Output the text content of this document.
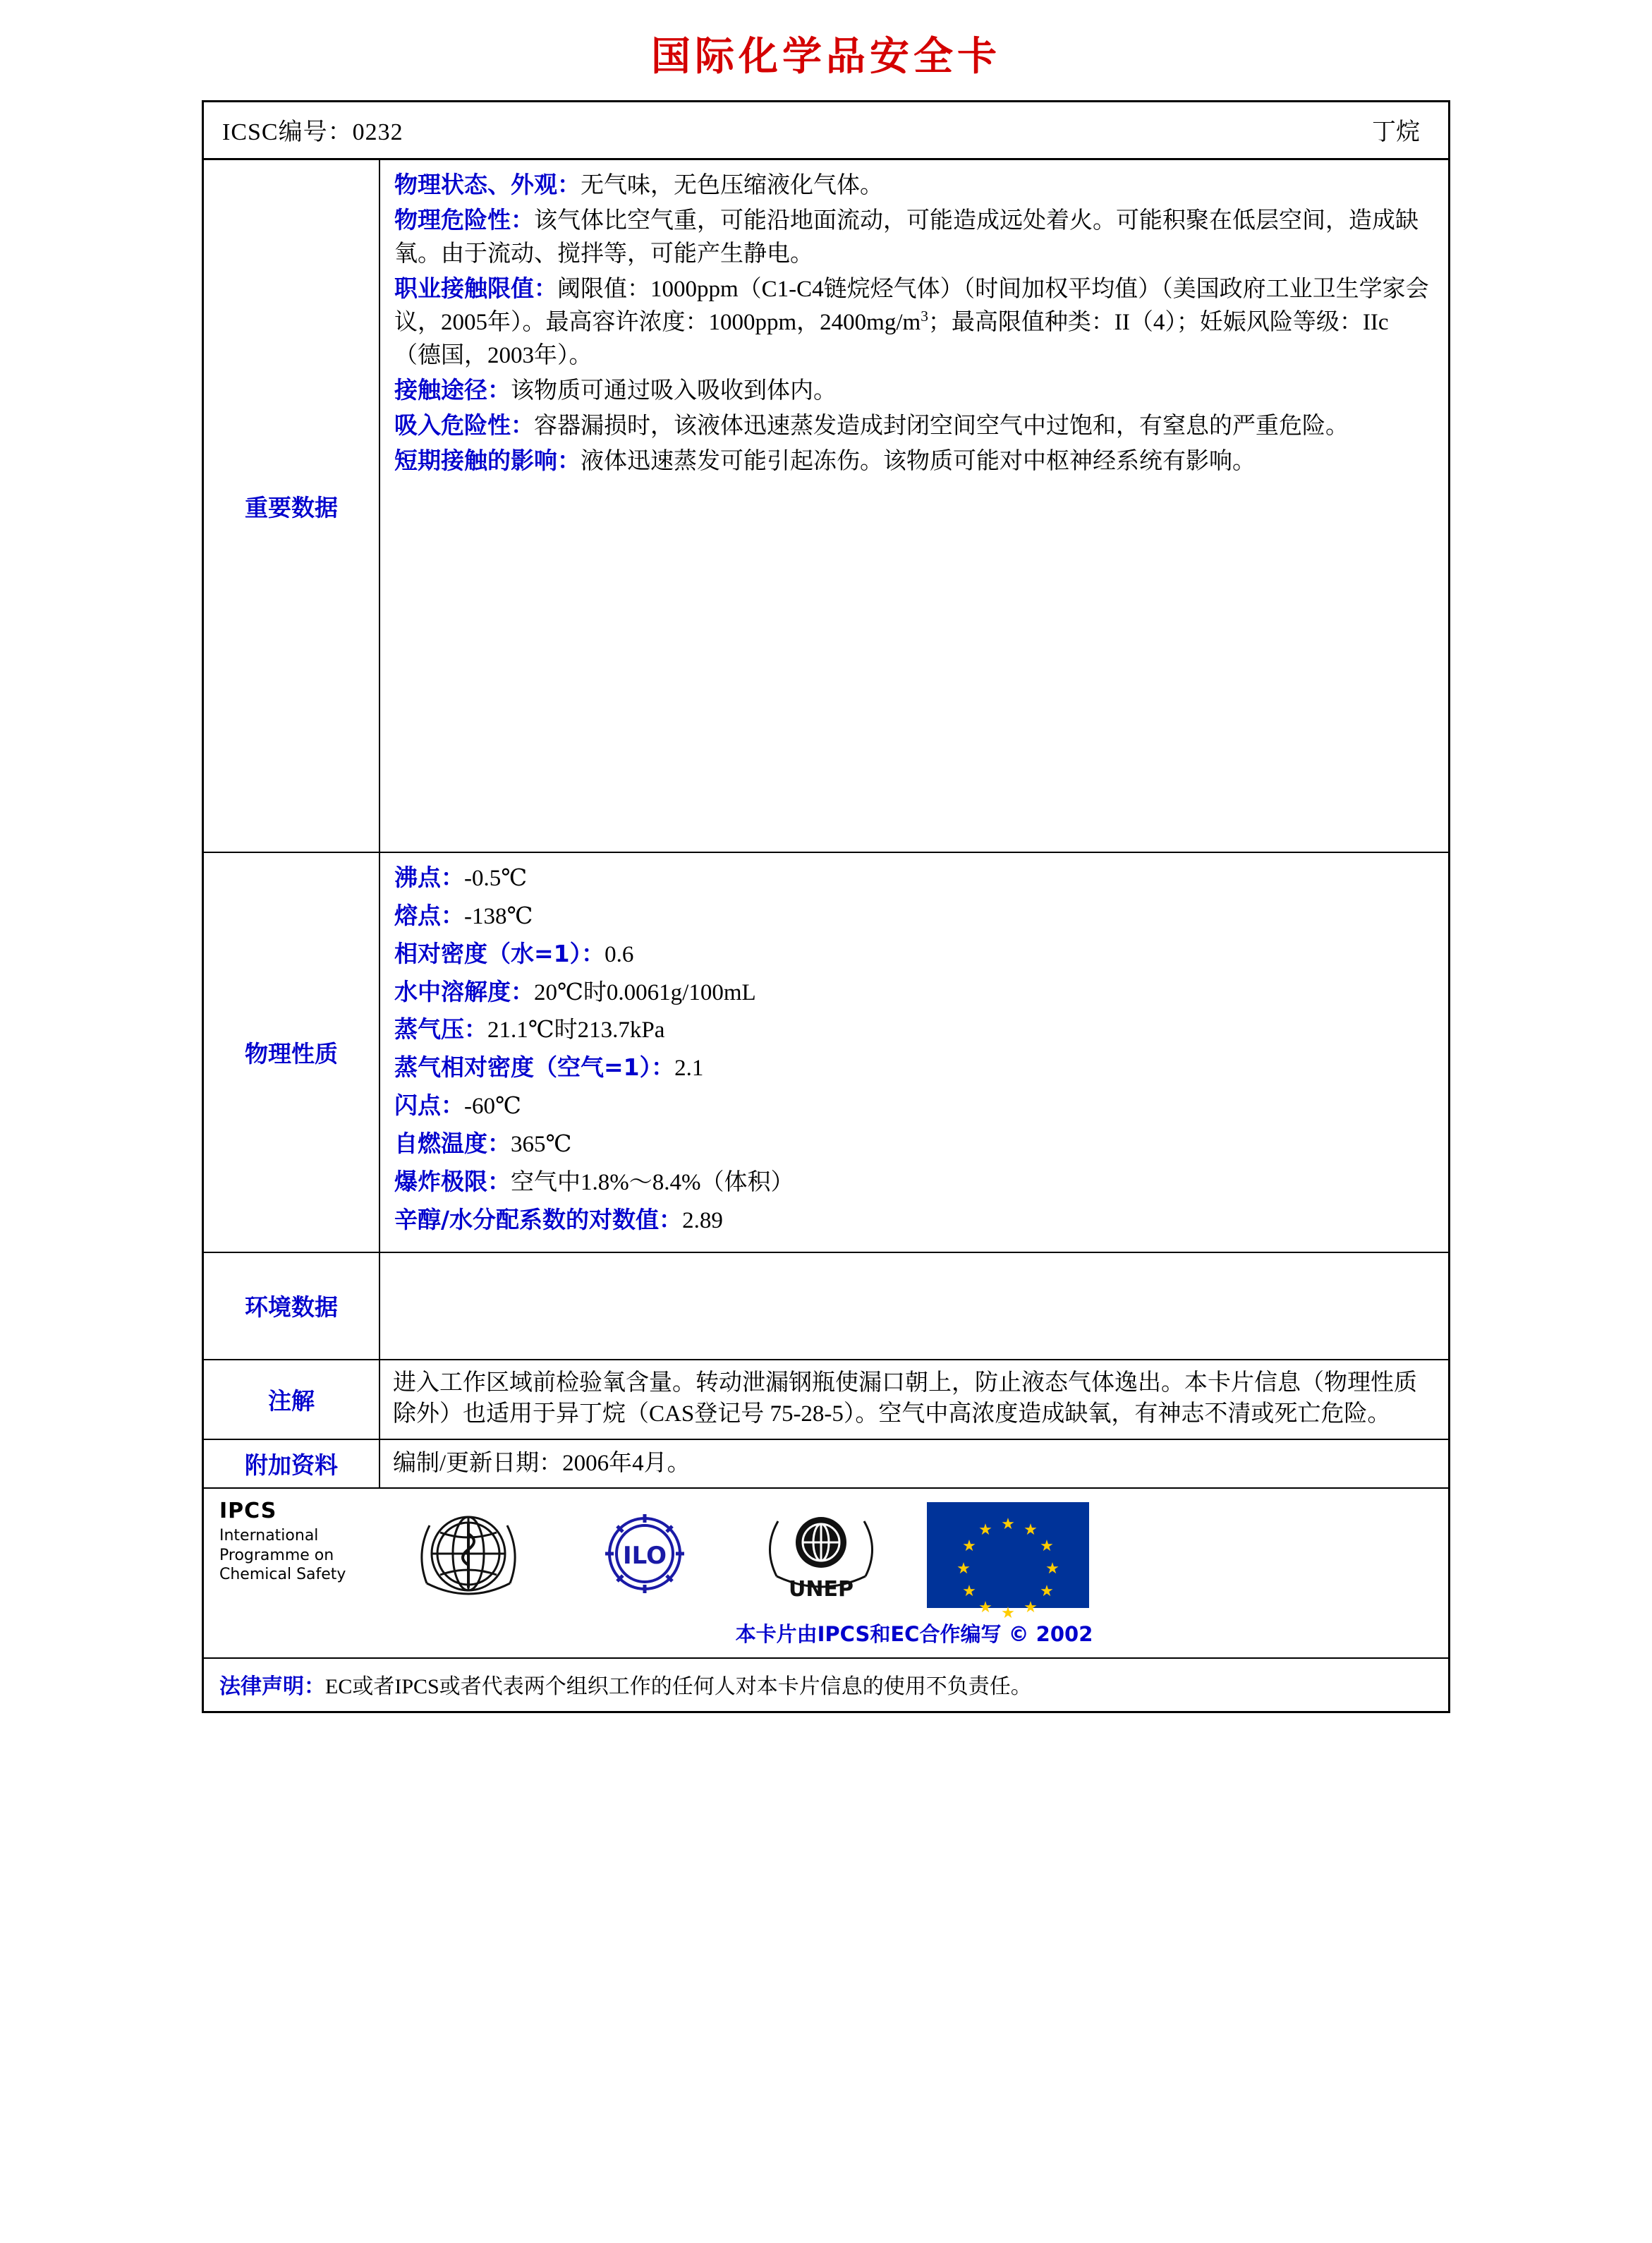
国际化学品安全卡
ICSC编号：0232	丁烷
重要数据

物理状态、外观：无气味，无色压缩液化气体。

物理危险性：该气体比空气重，可能沿地面流动，可能造成远处着火。可能积聚在低层空间，造成缺氧。由于流动、搅拌等，可能产生静电。

职业接触限值：阈限值：1000ppm（C1-C4链烷烃气体）（时间加权平均值）（美国政府工业卫生学家会议，2005年）。最高容许浓度：1000ppm，$2400mg/m^3$；最高限值种类：II（4）；妊娠风险等级：IIc（德国，2003年）。

接触途径：该物质可通过吸入吸收到体内。

吸入危险性：容器漏损时，该液体迅速蒸发造成封闭空间空气中过饱和，有窒息的严重危险。

短期接触的影响：液体迅速蒸发可能引起冻伤。该物质可能对中枢神经系统有影响。

物理性质

沸点：-0.5℃

熔点：-138℃

相对密度（水=1）：0.6

水中溶解度：20℃时0.0061g/100mL

蒸气压：21.1℃时213.7kPa

蒸气相对密度（空气=1）：2.1

闪点：-60℃

自燃温度：365℃

爆炸极限：空气中1.8%～8.4%（体积）

辛醇/水分配系数的对数值：2.89

环境数据
注解
进入工作区域前检验氧含量。转动泄漏钢瓶使漏口朝上，防止液态气体逸出。本卡片信息（物理性质除外）也适用于异丁烷（CAS登记号 75-28-5）。空气中高浓度造成缺氧，有神志不清或死亡危险。
附加资料	编制/更新日期：2006年4月。
IPCS
International Programme on Chemical Safety
ILO
UNEP
★ ★
★
★
★
★
★
★
★
★
★
★
本卡片由IPCS和EC合作编写 © 2002
法律声明：EC或者IPCS或者代表两个组织工作的任何人对本卡片信息的使用不负责任。
